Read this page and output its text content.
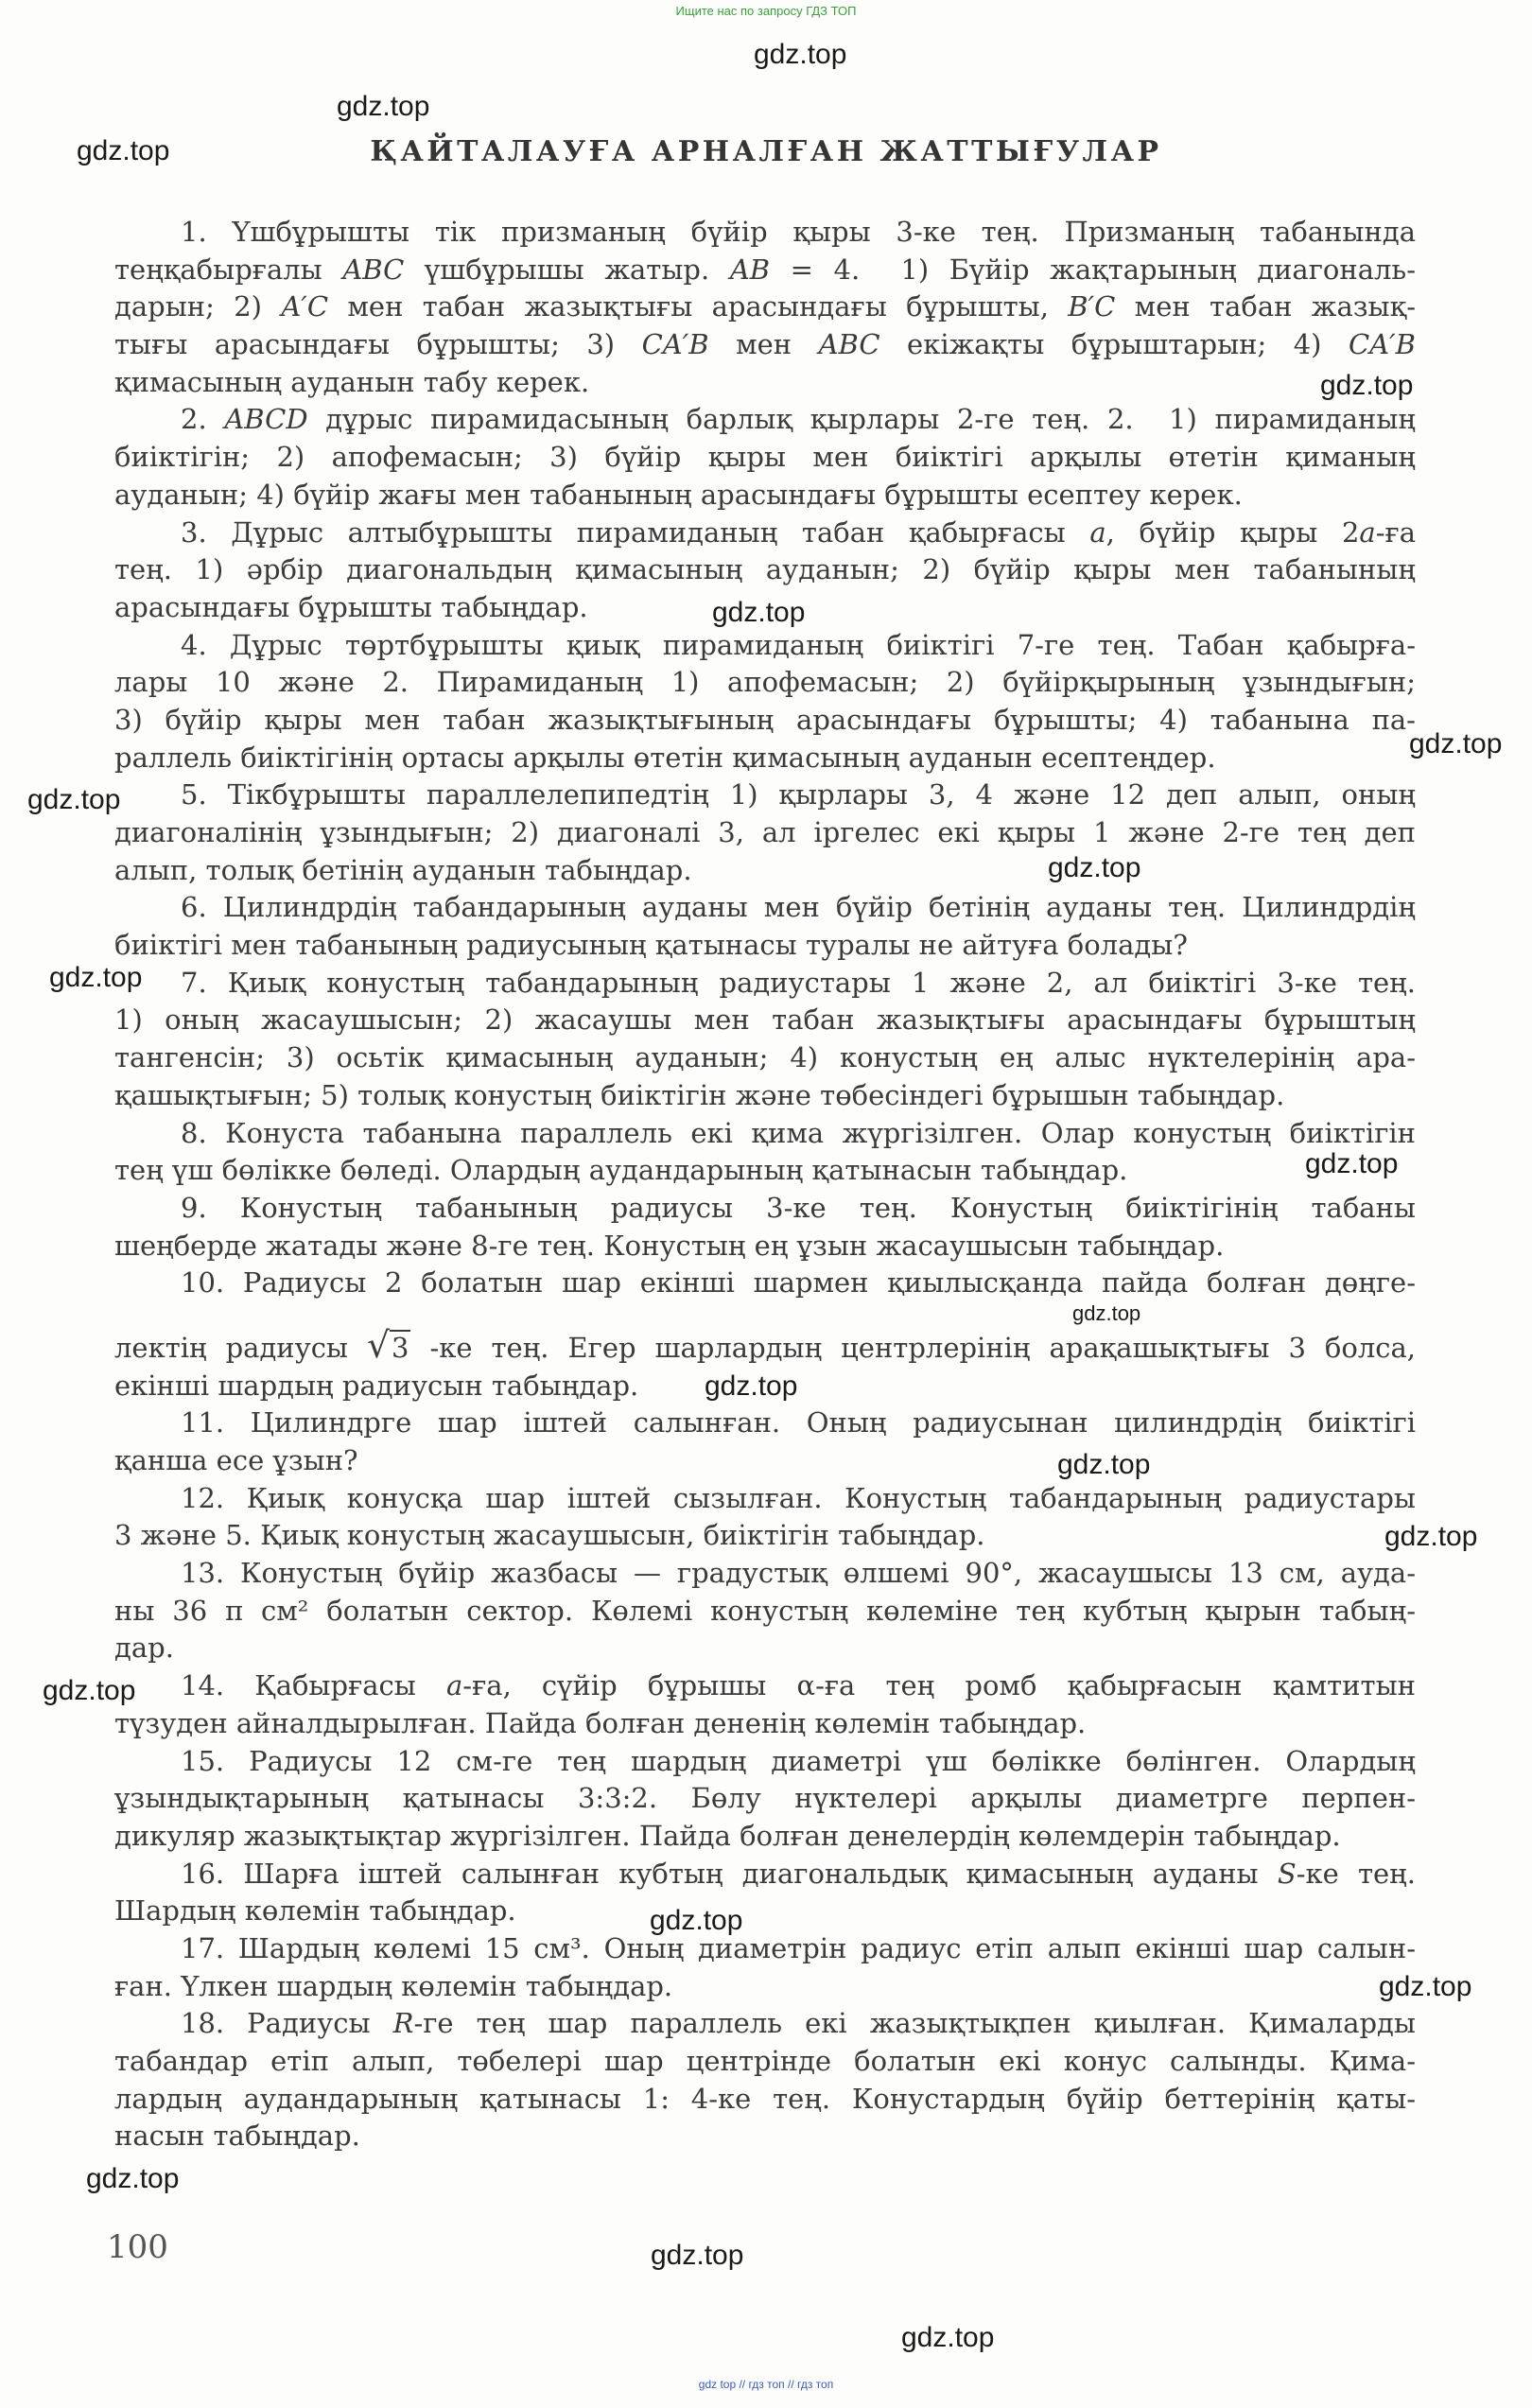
Ищите нас по запросу ГДЗ ТОП
ҚАЙТАЛАУҒА АРНАЛҒАН ЖАТТЫҒУЛАР
1. Үшбұрышты тік призманың бүйір қыры 3-ке тең. Призманың табанында
теңқабырғалы ABC үшбұрышы жатыр. AB = 4.  1) Бүйір жақтарының диагональ-
дарын; 2) A′C мен табан жазықтығы арасындағы бұрышты, B′C мен табан жазық-
тығы арасындағы бұрышты; 3) CA′B мен ABC екіжақты бұрыштарын; 4) CA′B
қимасының ауданын табу керек.
2. ABCD дұрыс пирамидасының барлық қырлары 2-ге тең. 2.  1) пирамиданың
биіктігін; 2) апофемасын; 3) бүйір қыры мен биіктігі арқылы өтетін қиманың
ауданын; 4) бүйір жағы мен табанының арасындағы бұрышты есептеу керек.
3. Дұрыс алтыбұрышты пирамиданың табан қабырғасы a, бүйір қыры 2a-ға
тең. 1) әрбір диагональдың қимасының ауданын; 2) бүйір қыры мен табанының
арасындағы бұрышты табыңдар.
4. Дұрыс төртбұрышты қиық пирамиданың биіктігі 7-ге тең. Табан қабырға-
лары 10 және 2. Пирамиданың 1) апофемасын; 2) бүйірқырының ұзындығын;
3) бүйір қыры мен табан жазықтығының арасындағы бұрышты; 4) табанына па-
раллель биіктігінің ортасы арқылы өтетін қимасының ауданын есептеңдер.
5. Тікбұрышты параллелепипедтің 1) қырлары 3, 4 және 12 деп алып, оның
диагоналінің ұзындығын; 2) диагоналі 3, ал іргелес екі қыры 1 және 2-ге тең деп
алып, толық бетінің ауданын табыңдар.
6. Цилиндрдің табандарының ауданы мен бүйір бетінің ауданы тең. Цилиндрдің
биіктігі мен табанының радиусының қатынасы туралы не айтуға болады?
7. Қиық конустың табандарының радиустары 1 және 2, ал биіктігі 3-ке тең.
1) оның жасаушысын; 2) жасаушы мен табан жазықтығы арасындағы бұрыштың
тангенсін; 3) осьтік қимасының ауданын; 4) конустың ең алыс нүктелерінің ара-
қашықтығын; 5) толық конустың биіктігін және төбесіндегі бұрышын табыңдар.
8. Конуста табанына параллель екі қима жүргізілген. Олар конустың биіктігін
тең үш бөлікке бөледі. Олардың аудандарының қатынасын табыңдар.
9. Конустың табанының радиусы 3-ке тең. Конустың биіктігінің табаны
шеңберде жатады және 8-ге тең. Конустың ең ұзын жасаушысын табыңдар.
10. Радиусы 2 болатын шар екінші шармен қиылысқанда пайда болған дөңге-
лектің радиусы √3 -ке тең. Егер шарлардың центрлерінің арақашықтығы 3 болса,
екінші шардың радиусын табыңдар.
11. Цилиндрге шар іштей салынған. Оның радиусынан цилиндрдің биіктігі
қанша есе ұзын?
12. Қиық конусқа шар іштей сызылған. Конустың табандарының радиустары
3 және 5. Қиық конустың жасаушысын, биіктігін табыңдар.
13. Конустың бүйір жазбасы — градустық өлшемі 90°, жасаушысы 13 см, ауда-
ны 36 π см² болатын сектор. Көлемі конустың көлеміне тең кубтың қырын табың-
дар.
14. Қабырғасы a-ға, сүйір бұрышы α-ға тең ромб қабырғасын қамтитын
түзуден айналдырылған. Пайда болған дененің көлемін табыңдар.
15. Радиусы 12 см-ге тең шардың диаметрі үш бөлікке бөлінген. Олардың
ұзындықтарының қатынасы 3:3:2. Бөлу нүктелері арқылы диаметрге перпен-
дикуляр жазықтықтар жүргізілген. Пайда болған денелердің көлемдерін табыңдар.
16. Шарға іштей салынған кубтың диагональдық қимасының ауданы S-ке тең.
Шардың көлемін табыңдар.
17. Шардың көлемі 15 см³. Оның диаметрін радиус етіп алып екінші шар салын-
ған. Үлкен шардың көлемін табыңдар.
18. Радиусы R-ге тең шар параллель екі жазықтықпен қиылған. Қималарды
табандар етіп алып, төбелері шар центрінде болатын екі конус салынды. Қима-
лардың аудандарының қатынасы 1: 4-ке тең. Конустардың бүйір беттерінің қаты-
насын табыңдар.
100
gdz.top
gdz.top
gdz.top
gdz.top
gdz.top
gdz.top
gdz.top
gdz.top
gdz.top
gdz.top
gdz.top
gdz.top
gdz.top
gdz.top
gdz.top
gdz.top
gdz.top
gdz.top
gdz.top
gdz.top
gdz top // гдз топ // гдз топ
